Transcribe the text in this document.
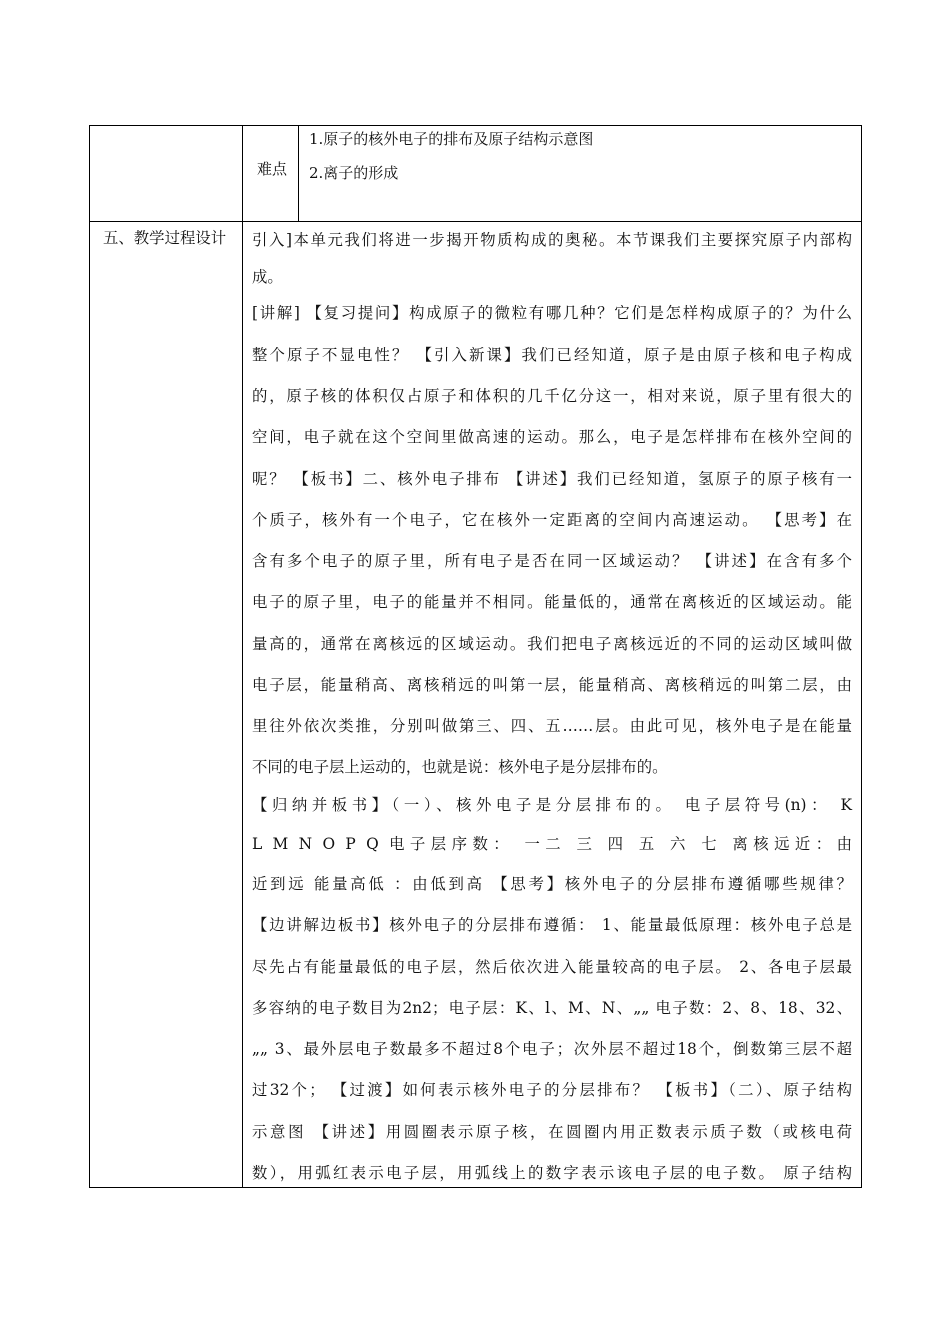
难点
1.原子的核外电子的排布及原子结构示意图
2.离子的形成
五、教学过程设计 引入]本单元我们将进一步揭开物质构成的奥秘。本节课我们主要探究原子内部构
成。
[讲解] 【复习提问】构成原子的微粒有哪几种？它们是怎样构成原子的？为什么
整个原子不显电性？ 【引入新课】我们已经知道，原子是由原子核和电子构成
的，原子核的体积仅占原子和体积的几千亿分这一，相对来说，原子里有很大的
空间，电子就在这个空间里做高速的运动。那么，电子是怎样排布在核外空间的
呢？ 【板书】二、核外电子排布 【讲述】我们已经知道，氢原子的原子核有一
个质子，核外有一个电子，它在核外一定距离的空间内高速运动。 【思考】在
含有多个电子的原子里，所有电子是否在同一区域运动？ 【讲述】在含有多个
电子的原子里，电子的能量并不相同。能量低的，通常在离核近的区域运动。能
量高的，通常在离核远的区域运动。我们把电子离核远近的不同的运动区域叫做
电子层，能量稍高、离核稍远的叫第一层，能量稍高、离核稍远的叫第二层，由
里往外依次类推，分别叫做第三、四、五……层。由此可见，核外电子是在能量
不同的电子层上运动的，也就是说：核外电子是分层排布的。
【归纳并板书】（一）、核外电子是分层排布的。 电子层符号(n)： K
L M N O P Q 电子层序数： 一二 三 四 五 六 七 离核远近：由
近到远 能量高低 ：由低到高 【思考】核外电子的分层排布遵循哪些规律？
【边讲解边板书】核外电子的分层排布遵循： 1、能量最低原理：核外电子总是
尽先占有能量最低的电子层，然后依次进入能量较高的电子层。 2、各电子层最
多容纳的电子数目为2n2；电子层：K、l、M、N、„„ 电子数：2、8、18、32、
„„ 3、最外层电子数最多不超过8个电子；次外层不超过18个，倒数第三层不超
过32个； 【过渡】如何表示核外电子的分层排布？ 【板书】（二）、原子结构
示意图 【讲述】用圆圈表示原子核，在圆圈内用正数表示质子数（或核电荷
数），用弧红表示电子层，用弧线上的数字表示该电子层的电子数。 原子结构
